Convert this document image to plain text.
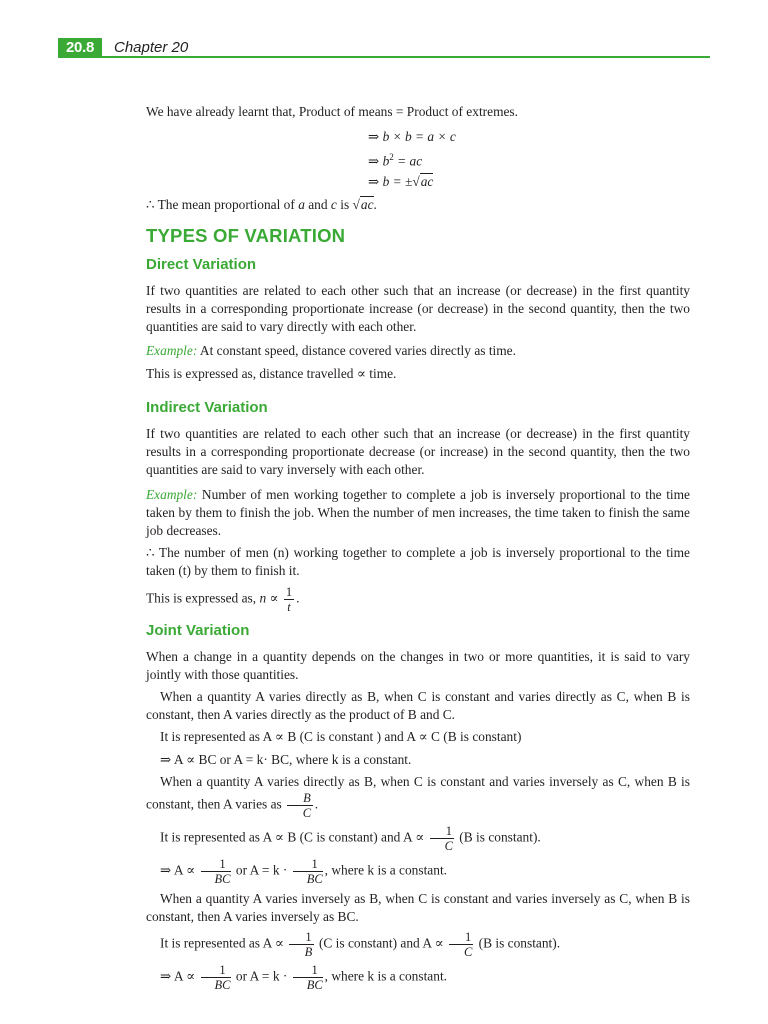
20.8	Chapter 20

We have already learnt that, Product of means = Product of extremes.

⇒ b × b = a × c

⇒ $b^2$ = ac

⇒ b = ±√ac

∴ The mean proportional of a and c is √ac.

TYPES OF VARIATION
Direct Variation

If two quantities are related to each other such that an increase (or decrease) in the first quantity results in a corresponding proportionate increase (or decrease) in the second quantity, then the two quantities are said to vary directly with each other.

Example: At constant speed, distance covered varies directly as time.

This is expressed as, distance travelled ∝ time.

Indirect Variation

If two quantities are related to each other such that an increase (or decrease) in the first quantity results in a corresponding proportionate decrease (or increase) in the second quantity, then the two quantities are said to vary inversely with each other.

Example: Number of men working together to complete a job is inversely proportional to the time taken by them to finish the job. When the number of men increases, the time taken to finish the same job decreases.

∴ The number of men (n) working together to complete a job is inversely proportional to the time taken (t) by them to finish it.

This is expressed as, $n \propto \frac{1}{t}$ .

Joint Variation

When a change in a quantity depends on the changes in two or more quantities, it is said to vary jointly with those quantities.

When a quantity A varies directly as B, when C is constant and varies directly as C, when B is constant, then A varies directly as the product of B and C.

It is represented as A ∝ B (C is constant ) and A ∝ C (B is constant)

⇒ A ∝ BC or A = k· BC, where k is a constant.

When a quantity A varies directly as B, when C is constant and varies inversely as C, when B is constant, then A varies as $\frac{B}{C}$ .

It is represented as A ∝ B (C is constant) and $A \propto \frac{1}{C} (B$ is constant).

⇒ $A \propto \frac{1}{BC}$ or $A = k \cdot \frac{1}{BC}$ , where k is a constant.

When a quantity A varies inversely as B, when C is constant and varies inversely as C, when B is constant, then A varies inversely as BC.

It is represented as $A \propto \frac{1}{B} (C$ is constant) and $A \propto \frac{1}{C} (B$ is constant).

⇒ $A \propto \frac{1}{BC}$ or $A = k \cdot \frac{1}{BC}$ , where k is a constant.
